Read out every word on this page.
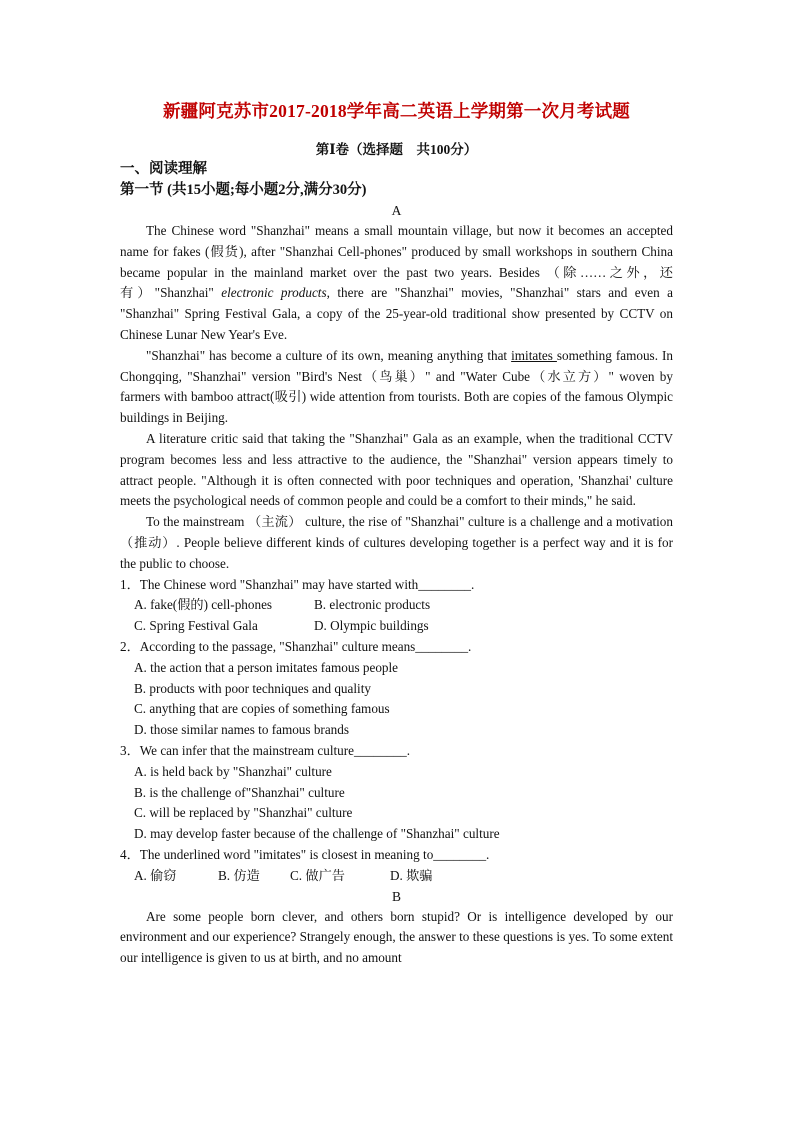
新疆阿克苏市2017-2018学年高二英语上学期第一次月考试题
第Ⅰ卷（选择题　共100分）
一、阅读理解
第一节 (共15小题;每小题2分,满分30分)
A

The Chinese word "Shanzhai" means a small mountain village, but now it becomes an accepted name for fakes (假货), after "Shanzhai Cell-phones" produced by small workshops in southern China became popular in the mainland market over the past two years. Besides （除……之外，还有）"Shanzhai" electronic products, there are "Shanzhai" movies, "Shanzhai" stars and even a "Shanzhai" Spring Festival Gala, a copy of the 25-year-old traditional show presented by CCTV on Chinese Lunar New Year's Eve.

"Shanzhai" has become a culture of its own, meaning anything that imitates something famous. In Chongqing, "Shanzhai" version "Bird's Nest（鸟巢）" and "Water Cube（水立方）" woven by farmers with bamboo attract(吸引) wide attention from tourists. Both are copies of the famous Olympic buildings in Beijing.

A literature critic said that taking the "Shanzhai" Gala as an example, when the traditional CCTV program becomes less and less attractive to the audience, the "Shanzhai" version appears timely to attract people. "Although it is often connected with poor techniques and operation, 'Shanzhai' culture meets the psychological needs of common people and could be a comfort to their minds," he said.

To the mainstream （主流） culture, the rise of "Shanzhai" culture is a challenge and a motivation （推动）. People believe different kinds of cultures developing together is a perfect way and it is for the public to choose.

1．The Chinese word "Shanzhai" may have started with________.

A. fake(假的) cell-phones	B. electronic products
C. Spring Festival Gala	D. Olympic buildings

2．According to the passage, "Shanzhai" culture means________.

A. the action that a person imitates famous people
B. products with poor techniques and quality
C. anything that are copies of something famous
D. those similar names to famous brands

3．We can infer that the mainstream culture________.

A. is held back by "Shanzhai" culture
B. is the challenge of"Shanzhai" culture
C. will be replaced by "Shanzhai" culture
D. may develop faster because of the challenge of "Shanzhai" culture

4．The underlined word "imitates" is closest in meaning to________.

A. 偷窃	B. 仿造	C. 做广告	D. 欺骗
B

Are some people born clever, and others born stupid? Or is intelligence developed by our environment and our experience? Strangely enough, the answer to these questions is yes. To some extent our intelligence is given to us at birth, and no amount
